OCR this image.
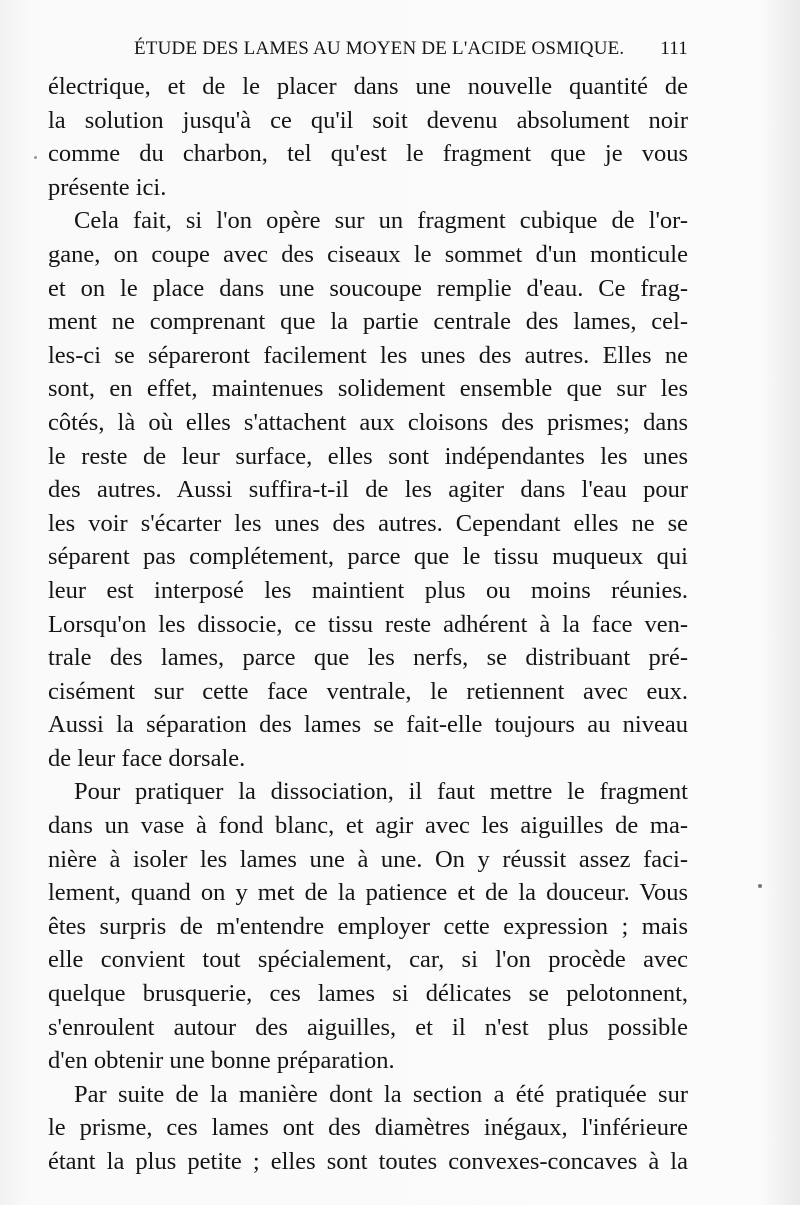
ÉTUDE DES LAMES AU MOYEN DE L'ACIDE OSMIQUE. 111
électrique, et de le placer dans une nouvelle quantité de
la solution jusqu'à ce qu'il soit devenu absolument noir
comme du charbon, tel qu'est le fragment que je vous
présente ici.
Cela fait, si l'on opère sur un fragment cubique de l'or-
gane, on coupe avec des ciseaux le sommet d'un monticule
et on le place dans une soucoupe remplie d'eau. Ce frag-
ment ne comprenant que la partie centrale des lames, cel-
les-ci se sépareront facilement les unes des autres. Elles ne
sont, en effet, maintenues solidement ensemble que sur les
côtés, là où elles s'attachent aux cloisons des prismes; dans
le reste de leur surface, elles sont indépendantes les unes
des autres. Aussi suffira-t-il de les agiter dans l'eau pour
les voir s'écarter les unes des autres. Cependant elles ne se
séparent pas complétement, parce que le tissu muqueux qui
leur est interposé les maintient plus ou moins réunies.
Lorsqu'on les dissocie, ce tissu reste adhérent à la face ven-
trale des lames, parce que les nerfs, se distribuant pré-
cisément sur cette face ventrale, le retiennent avec eux.
Aussi la séparation des lames se fait-elle toujours au niveau
de leur face dorsale.
Pour pratiquer la dissociation, il faut mettre le fragment
dans un vase à fond blanc, et agir avec les aiguilles de ma-
nière à isoler les lames une à une. On y réussit assez faci-
lement, quand on y met de la patience et de la douceur. Vous
êtes surpris de m'entendre employer cette expression ; mais
elle convient tout spécialement, car, si l'on procède avec
quelque brusquerie, ces lames si délicates se pelotonnent,
s'enroulent autour des aiguilles, et il n'est plus possible
d'en obtenir une bonne préparation.
Par suite de la manière dont la section a été pratiquée sur
le prisme, ces lames ont des diamètres inégaux, l'inférieure
étant la plus petite ; elles sont toutes convexes-concaves à la
